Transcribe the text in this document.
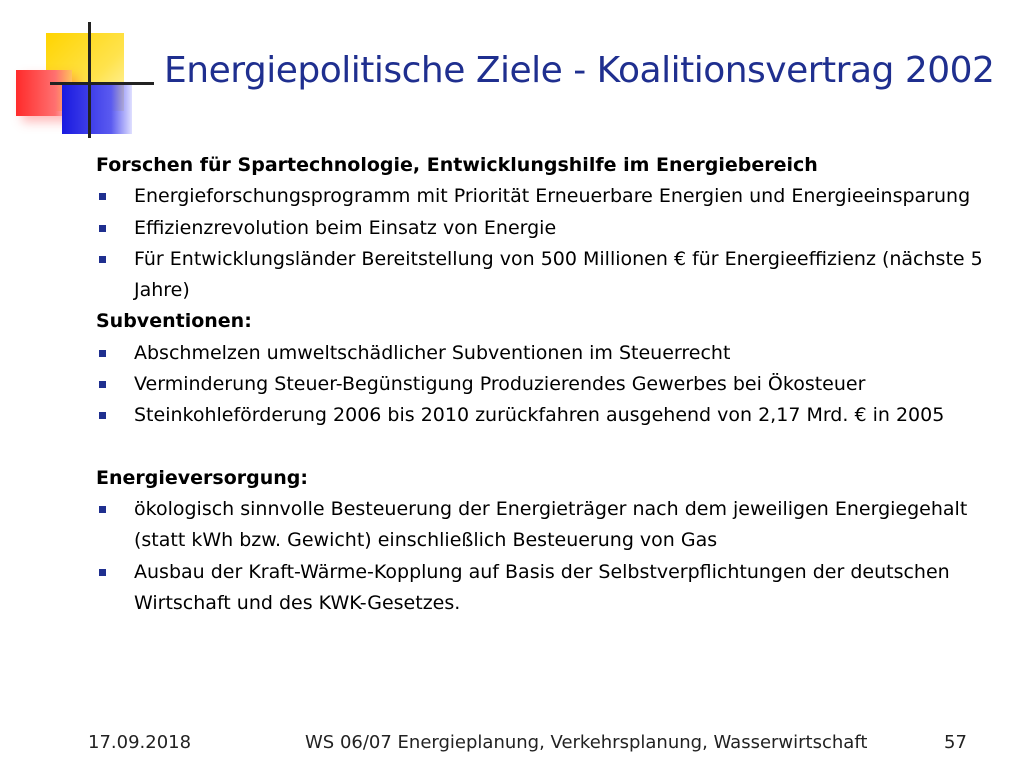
Energiepolitische Ziele - Koalitionsvertrag 2002
Forschen für Spartechnologie, Entwicklungshilfe im Energiebereich
Energieforschungsprogramm mit Priorität Erneuerbare Energien und Energieeinsparung
Effizienzrevolution beim Einsatz von Energie
Für Entwicklungsländer Bereitstellung von 500 Millionen € für Energieeffizienz (nächste 5 Jahre)
Subventionen:
Abschmelzen umweltschädlicher Subventionen im Steuerrecht
Verminderung Steuer-Begünstigung Produzierendes Gewerbes bei Ökosteuer
Steinkohleförderung 2006 bis 2010 zurückfahren ausgehend von 2,17 Mrd. € in 2005
Energieversorgung:
ökologisch sinnvolle Besteuerung der Energieträger nach dem jeweiligen Energiegehalt (statt kWh bzw. Gewicht) einschließlich Besteuerung von Gas
Ausbau der Kraft-Wärme-Kopplung auf Basis der Selbstverpflichtungen der deutschen Wirtschaft und des KWK-Gesetzes.
17.09.2018	WS 06/07 Energieplanung, Verkehrsplanung, Wasserwirtschaft	57
